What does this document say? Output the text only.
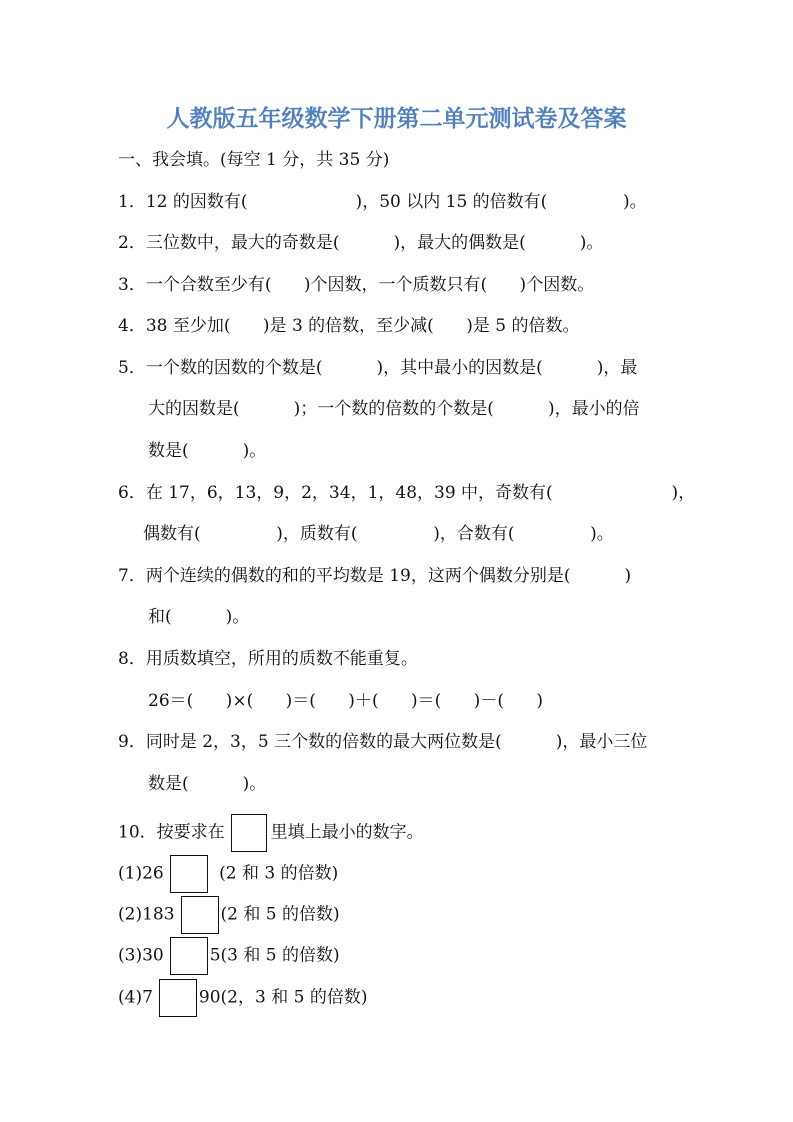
人教版五年级数学下册第二单元测试卷及答案
一、我会填。(每空 1 分，共 35 分)
1．12 的因数有(                    )，50 以内 15 的倍数有(              )。
2．三位数中，最大的奇数是(          )，最大的偶数是(          )。
3．一个合数至少有(      )个因数，一个质数只有(      )个因数。
4．38 至少加(      )是 3 的倍数，至少减(      )是 5 的倍数。
5．一个数的因数的个数是(          )，其中最小的因数是(          )，最
大的因数是(          )；一个数的倍数的个数是(          )，最小的倍
数是(          )。
6．在 17，6，13，9，2，34，1，48，39 中，奇数有(                      )，
偶数有(              )，质数有(              )，合数有(              )。
7．两个连续的偶数的和的平均数是 19，这两个偶数分别是(          )
和(          )。
8．用质数填空，所用的质数不能重复。
26＝(      )×(      )＝(      )＋(      )＝(      )－(      )
9．同时是 2，3，5 三个数的倍数的最大两位数是(          )，最小三位
数是(          )。
10．按要求在	里填上最小的数字。
(1)26	(2 和 3 的倍数)
(2)183	(2 和 5 的倍数)
(3)30	5(3 和 5 的倍数)
(4)7	90(2，3 和 5 的倍数)
